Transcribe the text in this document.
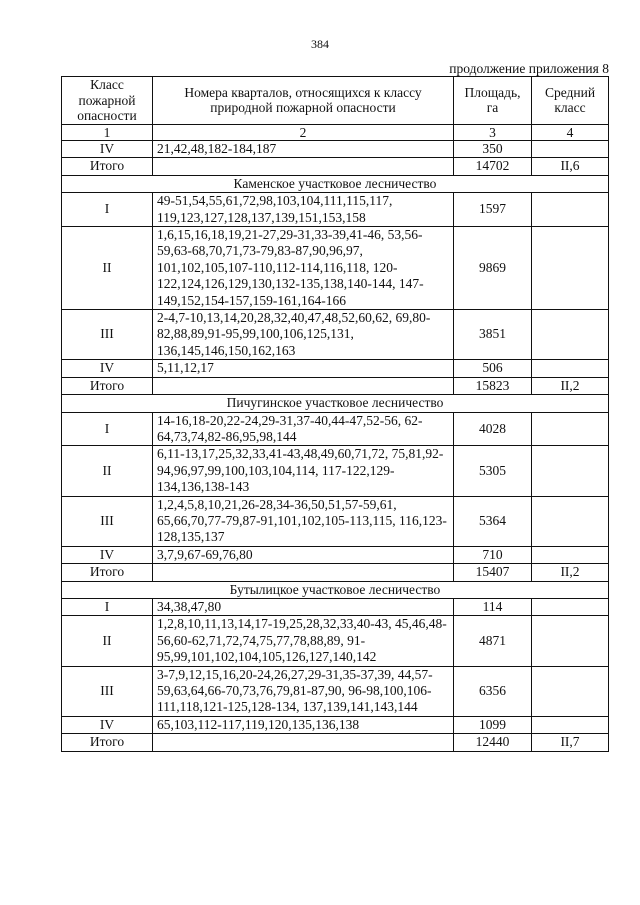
384
продолжение приложения 8
Класс пожарной опасности	Номера кварталов, относящихся к классу природной пожарной опасности	Площадь, га	Средний класс
1	2	3	4
IV	21,42,48,182-184,187	350	
Итого		14702	II,6
Каменское участковое лесничество			
I	49-51,54,55,61,72,98,103,104,111,115,117, 119,123,127,128,137,139,151,153,158	1597	
II	1,6,15,16,18,19,21-27,29-31,33-39,41-46, 53,56-59,63-68,70,71,73-79,83-87,90,96,97, 101,102,105,107-110,112-114,116,118, 120-122,124,126,129,130,132-135,138,140-144, 147-149,152,154-157,159-161,164-166	9869	
III	2-4,7-10,13,14,20,28,32,40,47,48,52,60,62, 69,80-82,88,89,91-95,99,100,106,125,131, 136,145,146,150,162,163	3851	
IV	5,11,12,17	506	
Итого		15823	II,2
Пичугинское участковое лесничество			
I	14-16,18-20,22-24,29-31,37-40,44-47,52-56, 62-64,73,74,82-86,95,98,144	4028	
II	6,11-13,17,25,32,33,41-43,48,49,60,71,72, 75,81,92-94,96,97,99,100,103,104,114, 117-122,129-134,136,138-143	5305	
III	1,2,4,5,8,10,21,26-28,34-36,50,51,57-59,61, 65,66,70,77-79,87-91,101,102,105-113,115, 116,123-128,135,137	5364	
IV	3,7,9,67-69,76,80	710	
Итого		15407	II,2
Бутылицкое участковое лесничество			
I	34,38,47,80	114	
II	1,2,8,10,11,13,14,17-19,25,28,32,33,40-43, 45,46,48-56,60-62,71,72,74,75,77,78,88,89, 91-95,99,101,102,104,105,126,127,140,142	4871	
III	3-7,9,12,15,16,20-24,26,27,29-31,35-37,39, 44,57-59,63,64,66-70,73,76,79,81-87,90, 96-98,100,106-111,118,121-125,128-134, 137,139,141,143,144	6356	
IV	65,103,112-117,119,120,135,136,138	1099	
Итого		12440	II,7
